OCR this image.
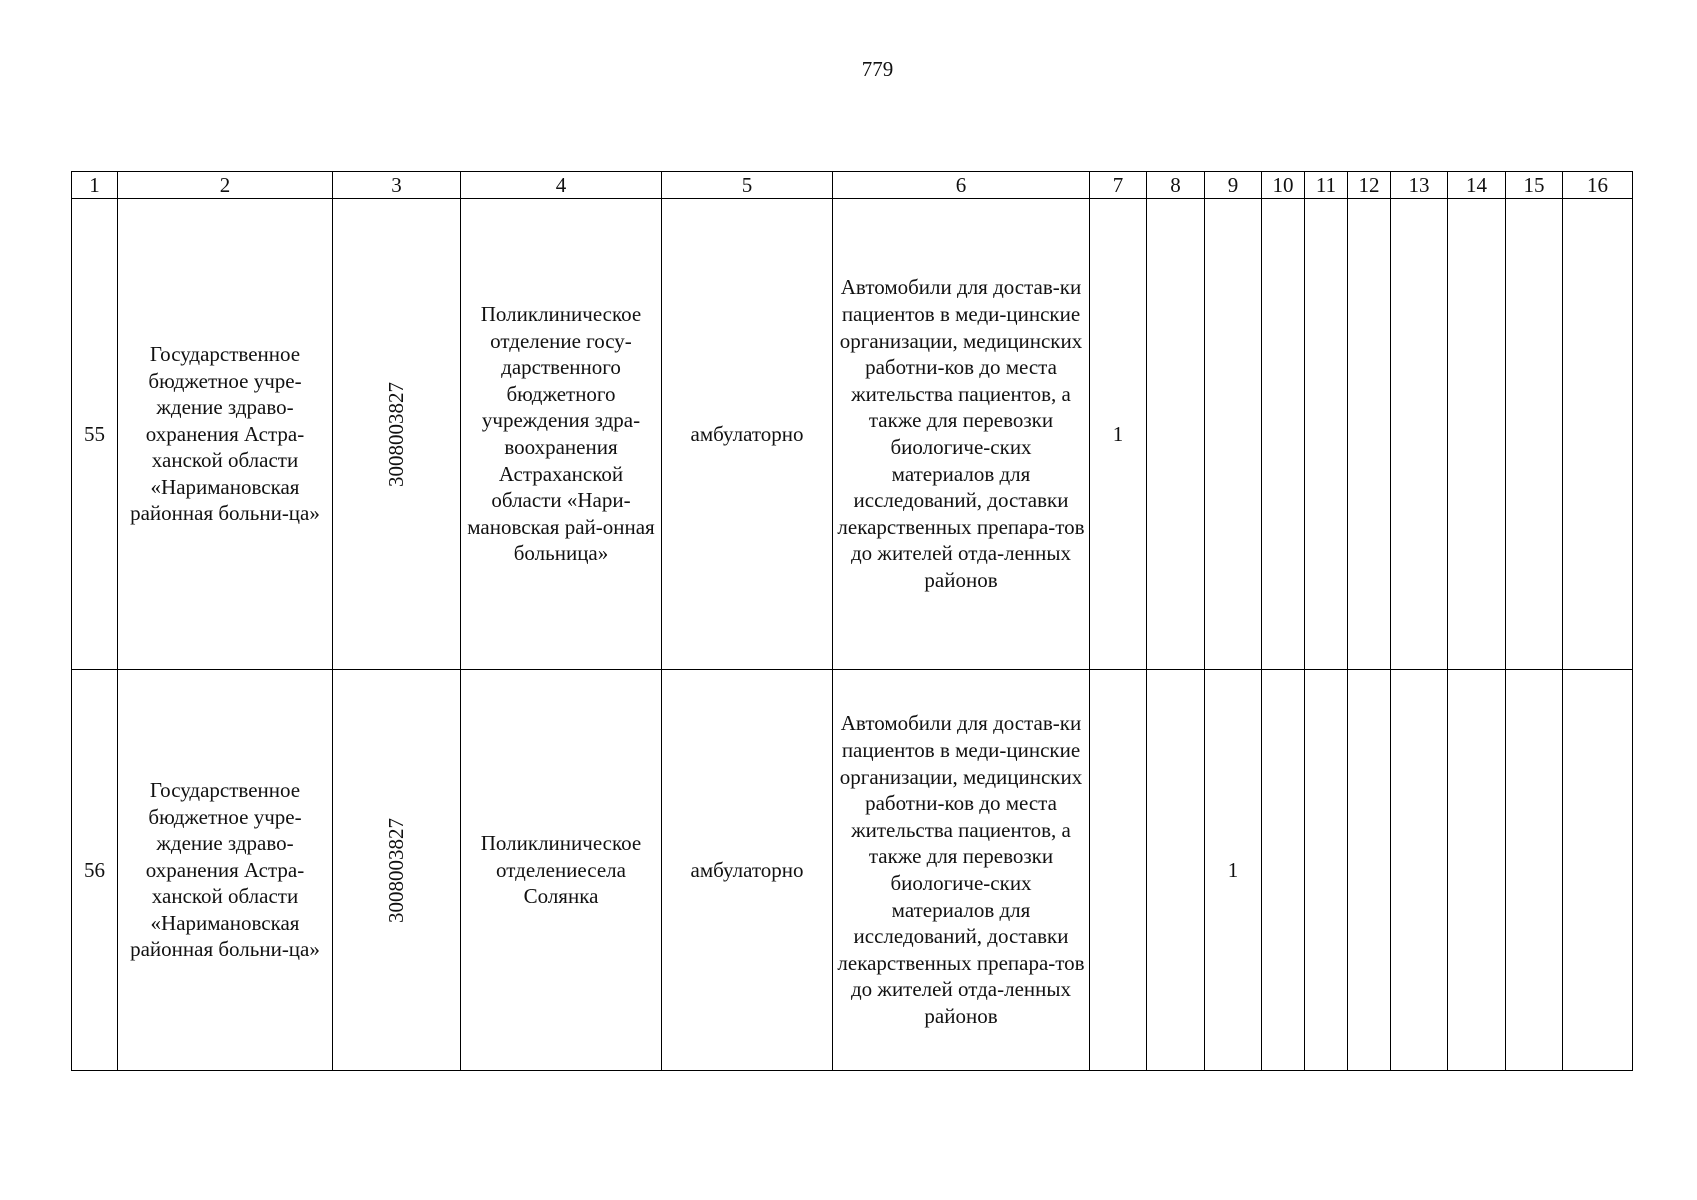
779
1	2	3	4	5	6	7	8	9	10	11	12	13	14	15	16
55	Государственное бюджетное учре-ждение здраво-охранения Астра-ханской области «Наримановская районная больни-ца»	3008003827	Поликлиническое отделение госу-дарственного бюджетного учреждения здра-воохранения Астраханской области «Нари-мановская рай-онная больница»	амбулаторно	Автомобили для достав-ки пациентов в меди-цинские организации, медицинских работни-ков до места жительства пациентов, а также для перевозки биологиче-ских материалов для исследований, доставки лекарственных препара-тов до жителей отда-ленных районов	1									
56	Государственное бюджетное учре-ждение здраво-охранения Астра-ханской области «Наримановская районная больни-ца»	3008003827	Поликлиническое отделениесела Солянка	амбулаторно	Автомобили для достав-ки пациентов в меди-цинские организации, медицинских работни-ков до места жительства пациентов, а также для перевозки биологиче-ских материалов для исследований, доставки лекарственных препара-тов до жителей отда-ленных районов			1							
